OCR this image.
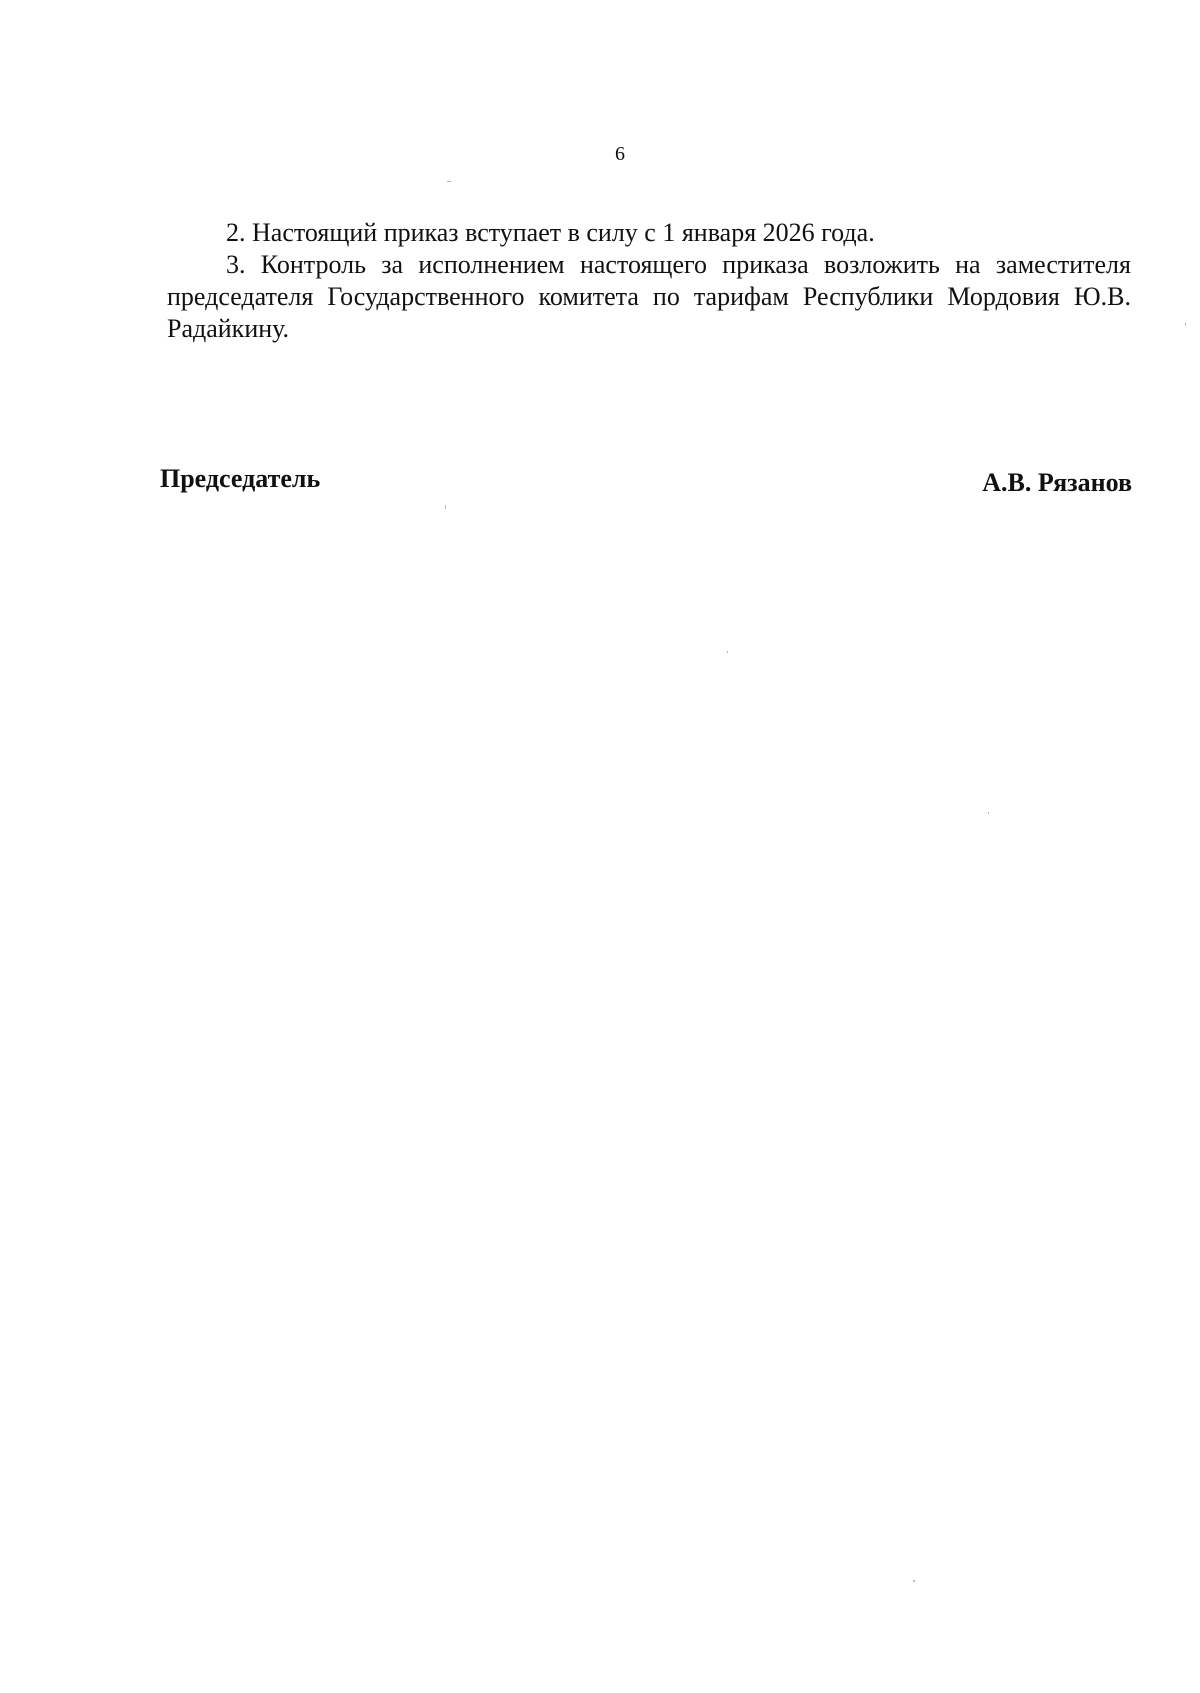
6

2. Настоящий приказ вступает в силу с 1 января 2026 года.

3. Контроль за исполнением настоящего приказа возложить на заместителя председателя Государственного комитета по тарифам Республики Мордовия Ю.В. Радайкину.

Председатель	А.В. Рязанов
